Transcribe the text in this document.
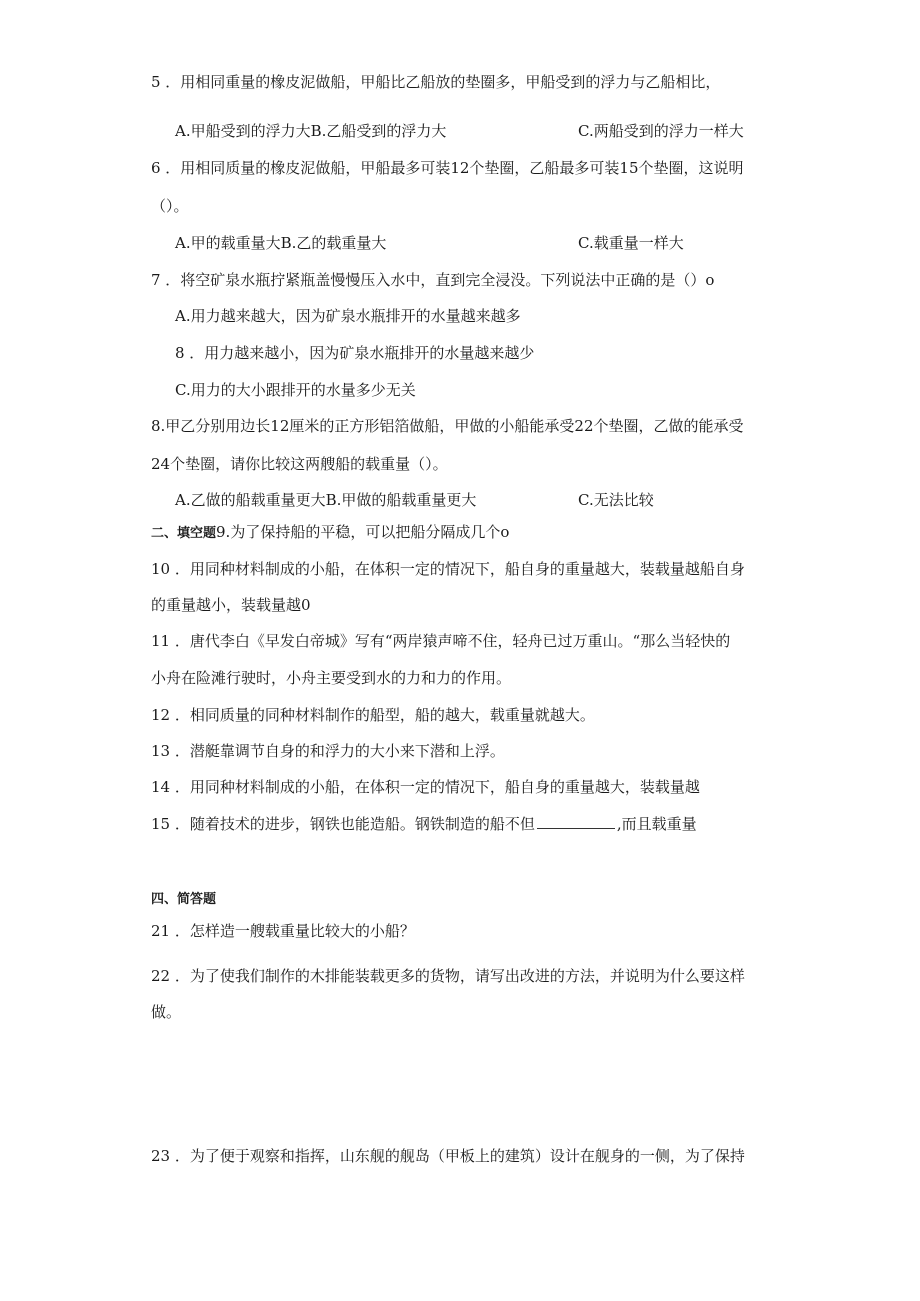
5 ．用相同重量的橡皮泥做船，甲船比乙船放的垫圈多，甲船受到的浮力与乙船相比，
A.甲船受到的浮力大B.乙船受到的浮力大	C.两船受到的浮力一样大
6 ．用相同质量的橡皮泥做船，甲船最多可装12个垫圈，乙船最多可装15个垫圈，这说明
（）。
A.甲的载重量大B.乙的载重量大	C.载重量一样大
7 ．将空矿泉水瓶拧紧瓶盖慢慢压入水中，直到完全浸没。下列说法中正确的是（）o
A.用力越来越大，因为矿泉水瓶排开的水量越来越多
8 ．用力越来越小，因为矿泉水瓶排开的水量越来越少
C.用力的大小跟排开的水量多少无关
8.甲乙分别用边长12厘米的正方形铝箔做船，甲做的小船能承受22个垫圈，乙做的能承受
24个垫圈，请你比较这两艘船的载重量（）。
A.乙做的船载重量更大B.甲做的船载重量更大	C.无法比较
二、填空题9.为了保持船的平稳，可以把船分隔成几个o
10 ．用同种材料制成的小船，在体积一定的情况下，船自身的重量越大，装载量越船自身
的重量越小，装载量越0
11 ．唐代李白《早发白帝城》写有“两岸猿声啼不住，轻舟已过万重山。“那么当轻快的
小舟在险滩行驶时，小舟主要受到水的力和力的作用。
12 ．相同质量的同种材料制作的船型，船的越大，载重量就越大。
13 ．潜艇靠调节自身的和浮力的大小来下潜和上浮。
14 ．用同种材料制成的小船，在体积一定的情况下，船自身的重量越大，装载量越
15 ．随着技术的进步，钢铁也能造船。钢铁制造的船不但	,而且载重量
四、简答题
21 ．怎样造一艘载重量比较大的小船？
22 ．为了使我们制作的木排能装载更多的货物，请写出改进的方法，并说明为什么要这样
做。
23 ．为了便于观察和指挥，山东舰的舰岛（甲板上的建筑）设计在舰身的一侧，为了保持
